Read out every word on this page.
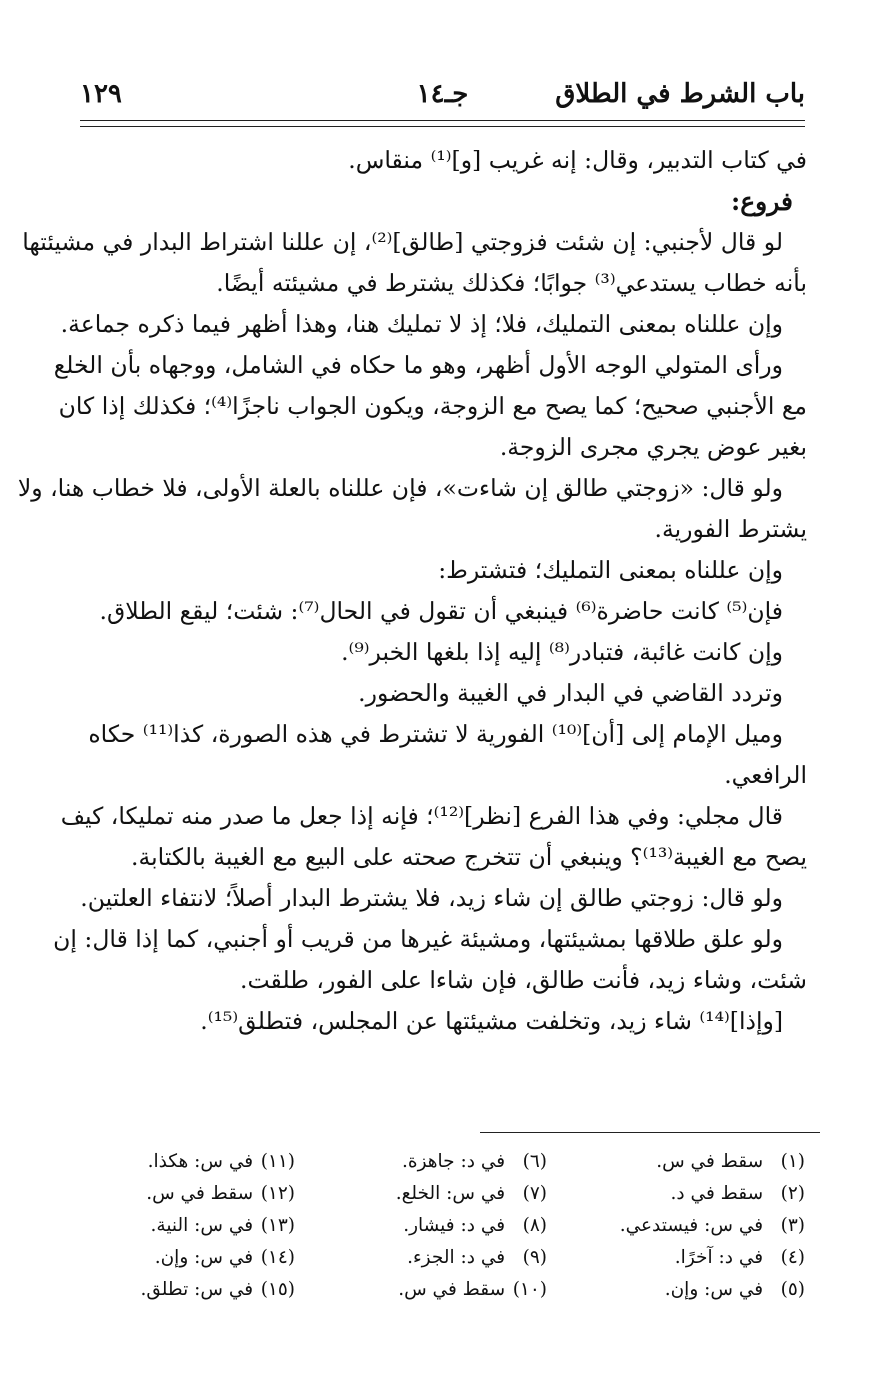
باب الشرط في الطلاق
جـ١٤
١٢٩
في كتاب التدبير، وقال: إنه غريب [و]⁽¹⁾ منقاس.
فروع:
لو قال لأجنبي: إن شئت فزوجتي [طالق]⁽²⁾، إن عللنا اشتراط البدار في مشيئتها
بأنه خطاب يستدعي⁽³⁾ جوابًا؛ فكذلك يشترط في مشيئته أيضًا.
وإن عللناه بمعنى التمليك، فلا؛ إذ لا تمليك هنا، وهذا أظهر فيما ذكره جماعة.
ورأى المتولي الوجه الأول أظهر، وهو ما حكاه في الشامل، ووجهاه بأن الخلع
مع الأجنبي صحيح؛ كما يصح مع الزوجة، ويكون الجواب ناجزًا⁽⁴⁾؛ فكذلك إذا كان
بغير عوض يجري مجرى الزوجة.
ولو قال: «زوجتي طالق إن شاءت»، فإن عللناه بالعلة الأولى، فلا خطاب هنا، ولا
يشترط الفورية.
وإن عللناه بمعنى التمليك؛ فتشترط:
فإن⁽⁵⁾ كانت حاضرة⁽⁶⁾ فينبغي أن تقول في الحال⁽⁷⁾: شئت؛ ليقع الطلاق.
وإن كانت غائبة، فتبادر⁽⁸⁾ إليه إذا بلغها الخبر⁽⁹⁾.
وتردد القاضي في البدار في الغيبة والحضور.
وميل الإمام إلى [أن]⁽¹⁰⁾ الفورية لا تشترط في هذه الصورة، كذا⁽¹¹⁾ حكاه
الرافعي.
قال مجلي: وفي هذا الفرع [نظر]⁽¹²⁾؛ فإنه إذا جعل ما صدر منه تمليكا، كيف
يصح مع الغيبة⁽¹³⁾؟ وينبغي أن تتخرج صحته على البيع مع الغيبة بالكتابة.
ولو قال: زوجتي طالق إن شاء زيد، فلا يشترط البدار أصلاً؛ لانتفاء العلتين.
ولو علق طلاقها بمشيئتها، ومشيئة غيرها من قريب أو أجنبي، كما إذا قال: إن
شئت، وشاء زيد، فأنت طالق، فإن شاءا على الفور، طلقت.
[وإذا]⁽¹⁴⁾ شاء زيد، وتخلفت مشيئتها عن المجلس، فتطلق⁽¹⁵⁾.
(١) سقط في س.
(٢) سقط في د.
(٣) في س: فيستدعي.
(٤) في د: آخرًا.
(٥) في س: وإن.
(٦) في د: جاهزة.
(٧) في س: الخلع.
(٨) في د: فيشار.
(٩) في د: الجزء.
(١٠) سقط في س.
(١١) في س: هكذا.
(١٢) سقط في س.
(١٣) في س: النية.
(١٤) في س: وإن.
(١٥) في س: تطلق.
